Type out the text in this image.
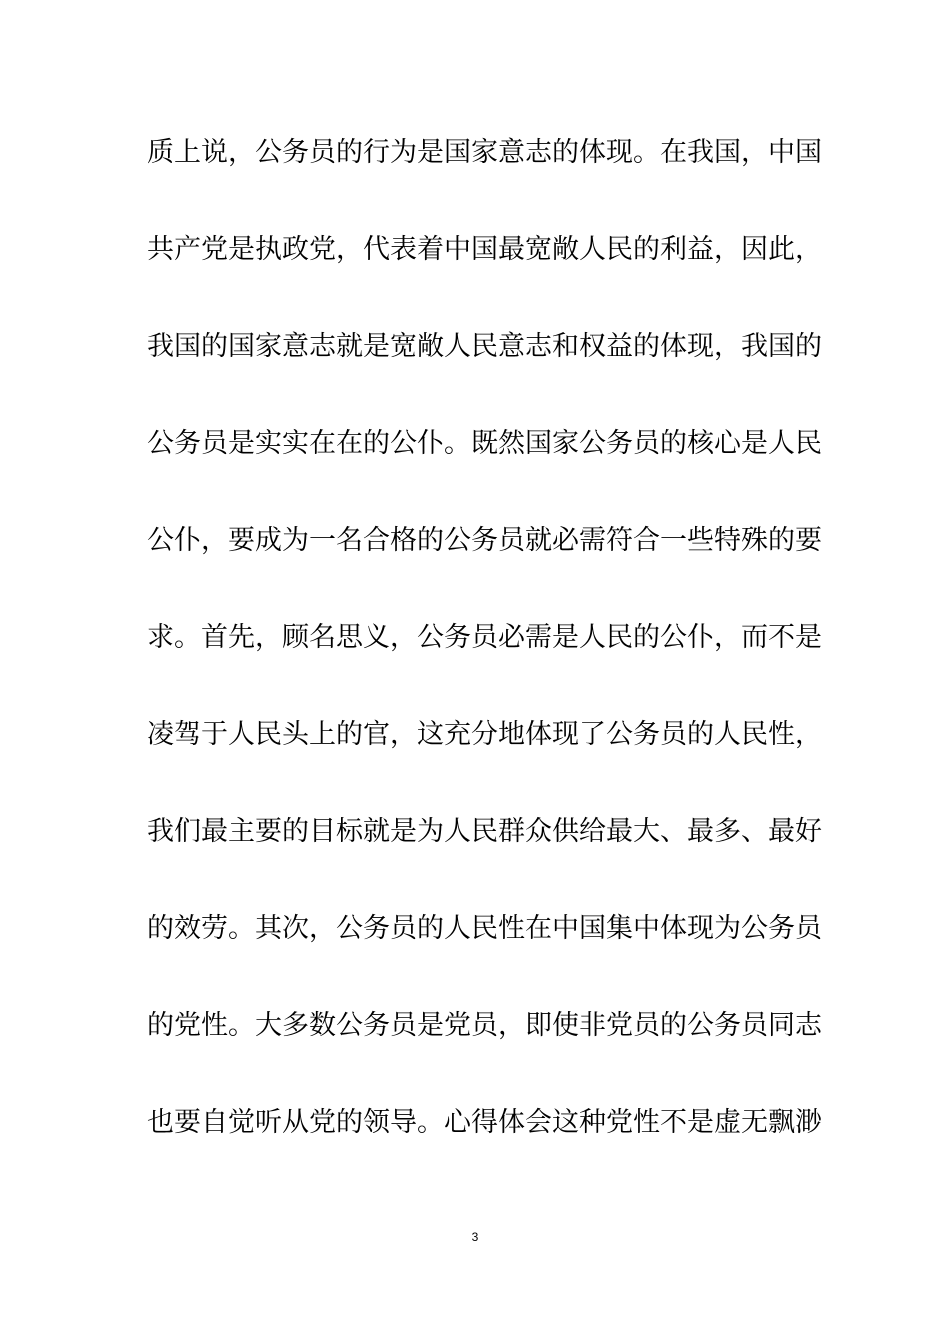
质上说，公务员的行为是国家意志的体现。在我国，中国
共产党是执政党，代表着中国最宽敞人民的利益，因此，
我国的国家意志就是宽敞人民意志和权益的体现，我国的
公务员是实实在在的公仆。既然国家公务员的核心是人民
公仆，要成为一名合格的公务员就必需符合一些特殊的要
求。首先，顾名思义，公务员必需是人民的公仆，而不是
凌驾于人民头上的官，这充分地体现了公务员的人民性，
我们最主要的目标就是为人民群众供给最大、最多、最好
的效劳。其次，公务员的人民性在中国集中体现为公务员
的党性。大多数公务员是党员，即使非党员的公务员同志
也要自觉听从党的领导。心得体会这种党性不是虚无飘渺
3
